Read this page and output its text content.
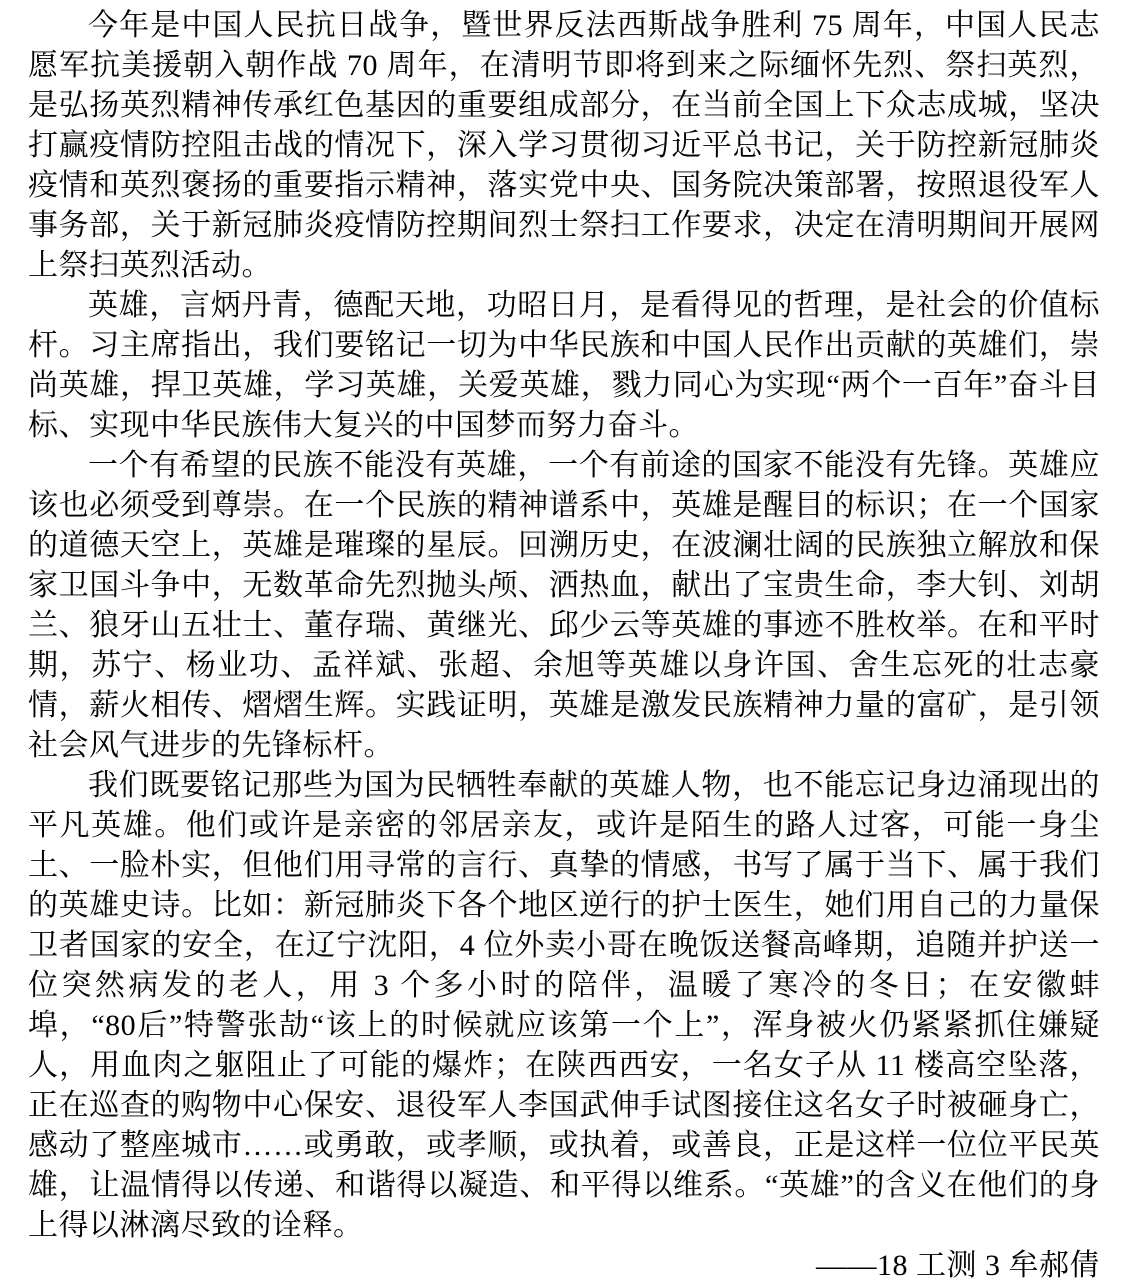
今年是中国人民抗日战争，暨世界反法西斯战争胜利 75 周年，中国人民志愿军抗美援朝入朝作战 70 周年，在清明节即将到来之际缅怀先烈、祭扫英烈，是弘扬英烈精神传承红色基因的重要组成部分，在当前全国上下众志成城，坚决打赢疫情防控阻击战的情况下，深入学习贯彻习近平总书记，关于防控新冠肺炎疫情和英烈褒扬的重要指示精神，落实党中央、国务院决策部署，按照退役军人事务部，关于新冠肺炎疫情防控期间烈士祭扫工作要求，决定在清明期间开展网上祭扫英烈活动。

英雄，言炳丹青，德配天地，功昭日月，是看得见的哲理，是社会的价值标杆。习主席指出，我们要铭记一切为中华民族和中国人民作出贡献的英雄们，崇尚英雄，捍卫英雄，学习英雄，关爱英雄，戮力同心为实现“两个一百年”奋斗目标、实现中华民族伟大复兴的中国梦而努力奋斗。

一个有希望的民族不能没有英雄，一个有前途的国家不能没有先锋。英雄应该也必须受到尊崇。在一个民族的精神谱系中，英雄是醒目的标识；在一个国家的道德天空上，英雄是璀璨的星辰。回溯历史，在波澜壮阔的民族独立解放和保家卫国斗争中，无数革命先烈抛头颅、洒热血，献出了宝贵生命，李大钊、刘胡兰、狼牙山五壮士、董存瑞、黄继光、邱少云等英雄的事迹不胜枚举。在和平时期，苏宁、杨业功、孟祥斌、张超、余旭等英雄以身许国、舍生忘死的壮志豪情，薪火相传、熠熠生辉。实践证明，英雄是激发民族精神力量的富矿，是引领社会风气进步的先锋标杆。

我们既要铭记那些为国为民牺牲奉献的英雄人物，也不能忘记身边涌现出的平凡英雄。他们或许是亲密的邻居亲友，或许是陌生的路人过客，可能一身尘土、一脸朴实，但他们用寻常的言行、真挚的情感，书写了属于当下、属于我们的英雄史诗。比如：新冠肺炎下各个地区逆行的护士医生，她们用自己的力量保卫者国家的安全，在辽宁沈阳，4 位外卖小哥在晚饭送餐高峰期，追随并护送一位突然病发的老人，用 3 个多小时的陪伴，温暖了寒冷的冬日；在安徽蚌埠，“80后”特警张劼“该上的时候就应该第一个上”，浑身被火仍紧紧抓住嫌疑人，用血肉之躯阻止了可能的爆炸；在陕西西安，一名女子从 11 楼高空坠落，正在巡查的购物中心保安、退役军人李国武伸手试图接住这名女子时被砸身亡，感动了整座城市……或勇敢，或孝顺，或执着，或善良，正是这样一位位平民英雄，让温情得以传递、和谐得以凝造、和平得以维系。“英雄”的含义在他们的身上得以淋漓尽致的诠释。

——18 工测 3 牟郝倩
